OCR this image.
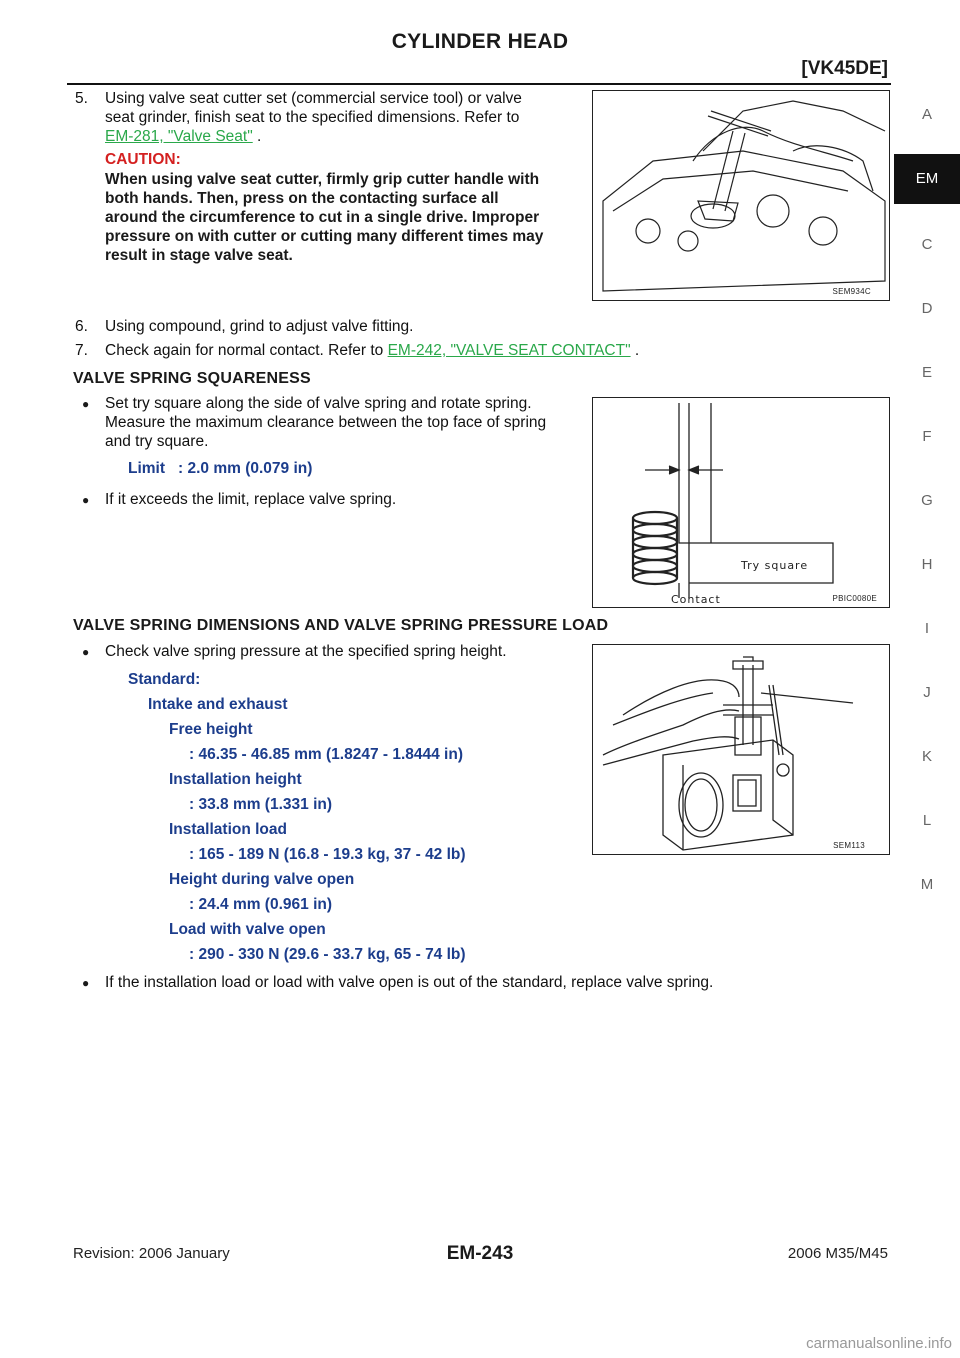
CYLINDER HEAD
[VK45DE]
A
EM
C
D
E
F
G
H
I
J
K
L
M
5. Using valve seat cutter set (commercial service tool) or valve
seat grinder, finish seat to the specified dimensions. Refer to
EM-281, "Valve Seat" .
CAUTION:
When using valve seat cutter, firmly grip cutter handle with
both hands. Then, press on the contacting surface all
around the circumference to cut in a single drive. Improper
pressure on with cutter or cutting many different times may
result in stage valve seat.
SEM934C
6. Using compound, grind to adjust valve fitting.
7. Check again for normal contact. Refer to EM-242, "VALVE SEAT CONTACT" .
VALVE SPRING SQUARENESS
● Set try square along the side of valve spring and rotate spring.
Measure the maximum clearance between the top face of spring
and try square.
Limit : 2.0 mm (0.079 in)
● If it exceeds the limit, replace valve spring.
Try square
Contact	PBIC0080E
VALVE SPRING DIMENSIONS AND VALVE SPRING PRESSURE LOAD
● Check valve spring pressure at the specified spring height.
Standard:
Intake and exhaust
Free height
: 46.35 - 46.85 mm (1.8247 - 1.8444 in)
Installation height
: 33.8 mm (1.331 in)
Installation load
: 165 - 189 N (16.8 - 19.3 kg, 37 - 42 lb)
Height during valve open
: 24.4 mm (0.961 in)
Load with valve open
: 290 - 330 N (29.6 - 33.7 kg, 65 - 74 lb)
● If the installation load or load with valve open is out of the standard, replace valve spring.
SEM113
Revision: 2006 January	EM-243	2006 M35/M45
carmanualsonline.info
